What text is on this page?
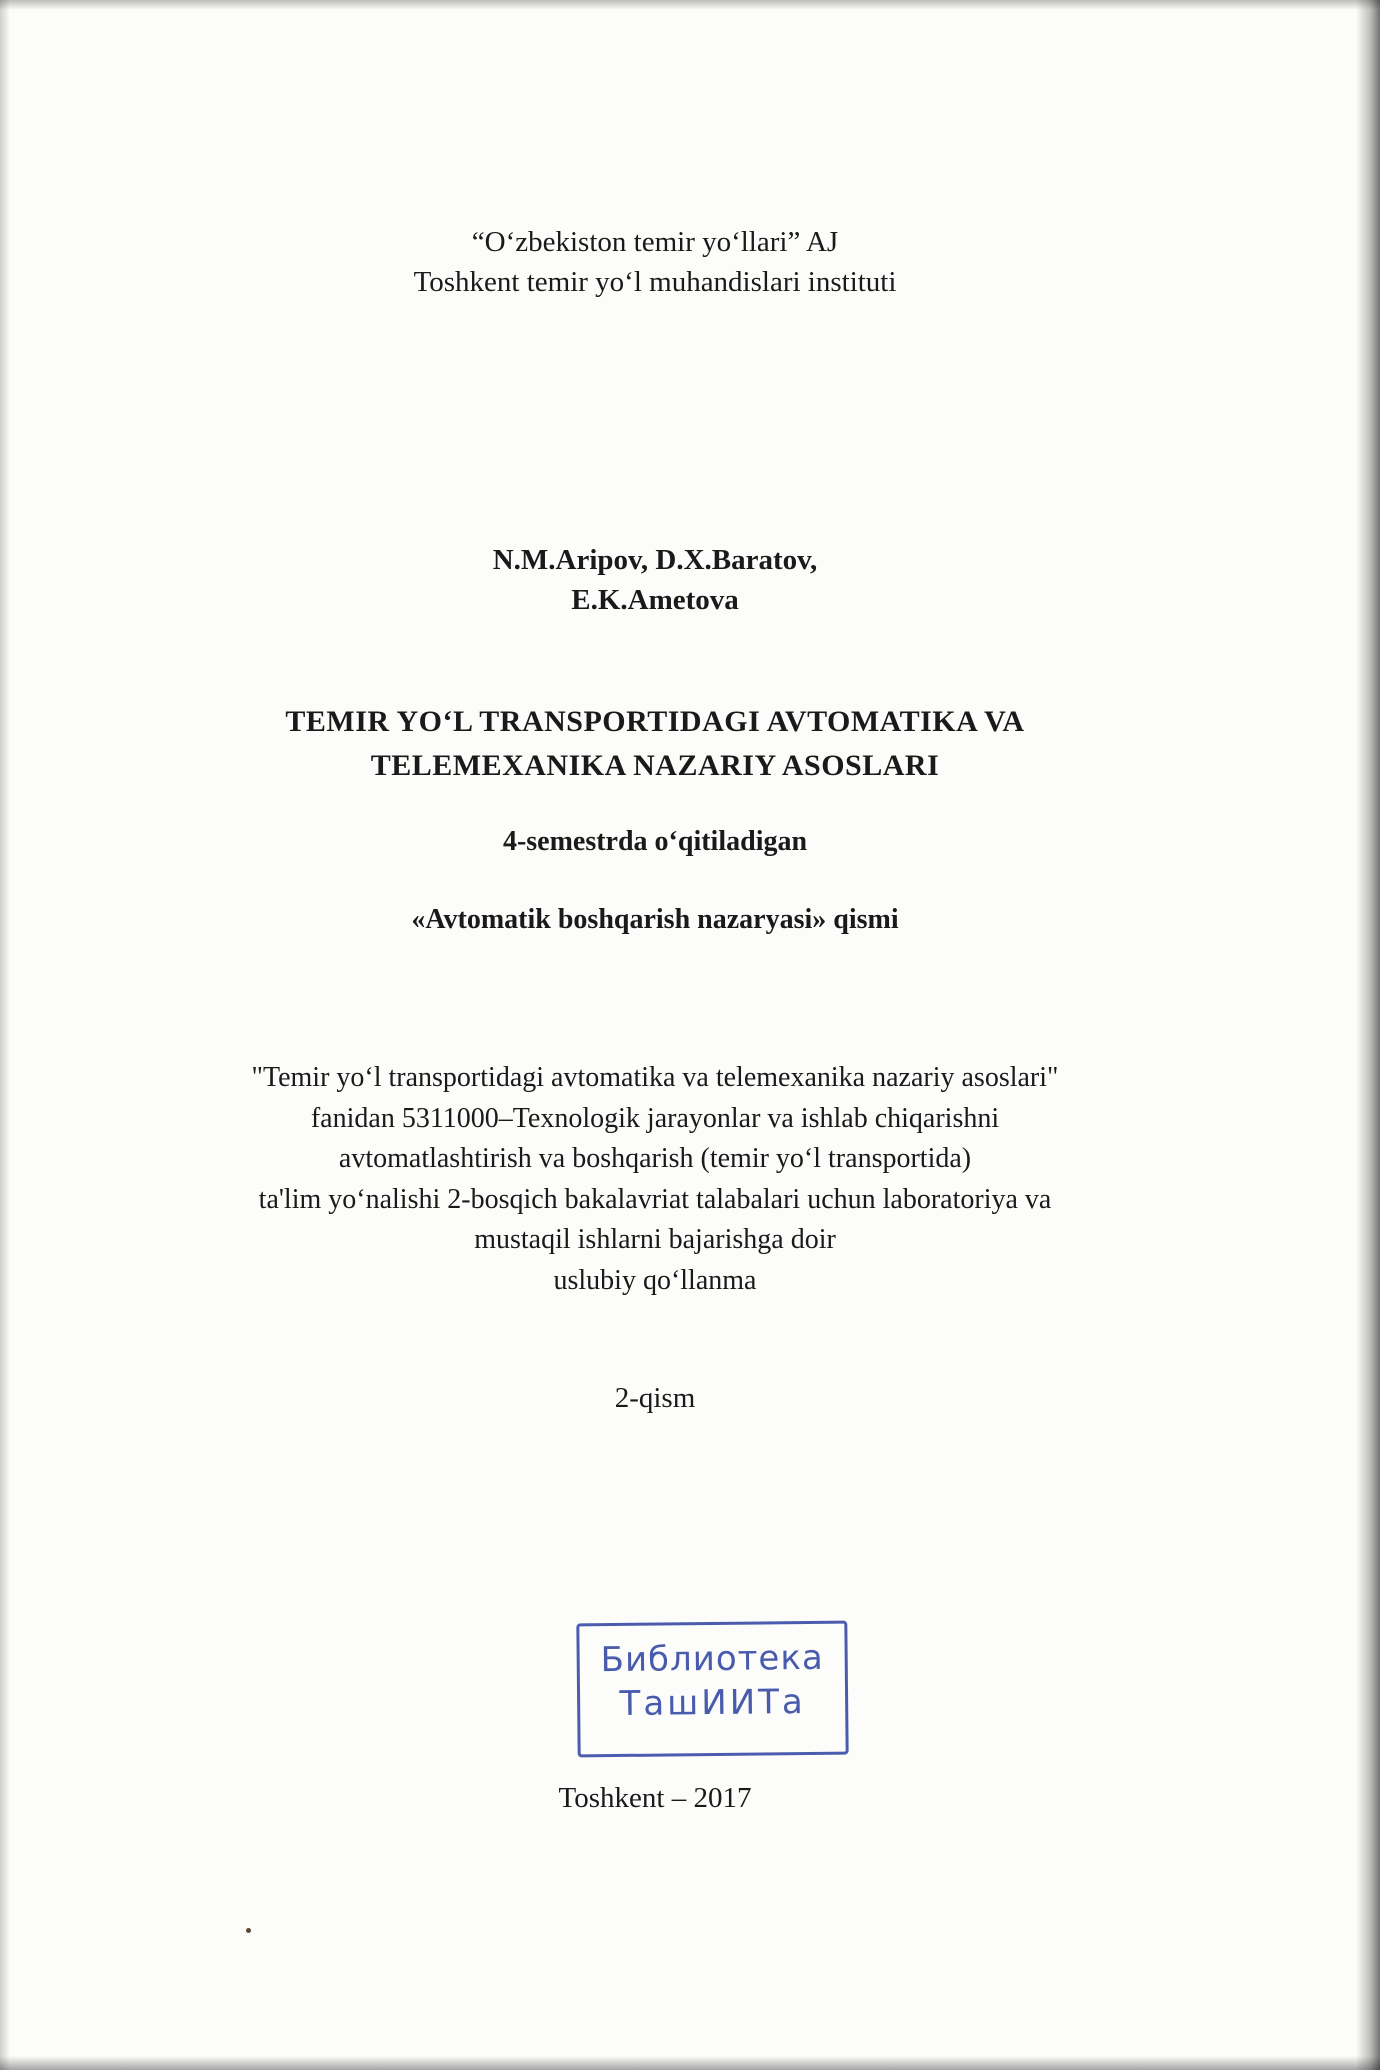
“O‘zbekiston temir yo‘llari” AJ
Toshkent temir yo‘l muhandislari instituti
N.M.Aripov, D.X.Baratov,
E.K.Ametova
TEMIR YO‘L TRANSPORTIDAGI AVTOMATIKA VA
TELEMEXANIKA NAZARIY ASOSLARI
4-semestrda o‘qitiladigan
«Avtomatik boshqarish nazaryasi» qismi
"Temir yo‘l transportidagi avtomatika va telemexanika nazariy asoslari"
fanidan 5311000–Texnologik jarayonlar va ishlab chiqarishni
avtomatlashtirish va boshqarish (temir yo‘l transportida)
ta'lim yo‘nalishi 2-bosqich bakalavriat talabalari uchun laboratoriya va
mustaqil ishlarni bajarishga doir
uslubiy qo‘llanma
2-qism
Библиотека
ТашИИТа
Toshkent – 2017
